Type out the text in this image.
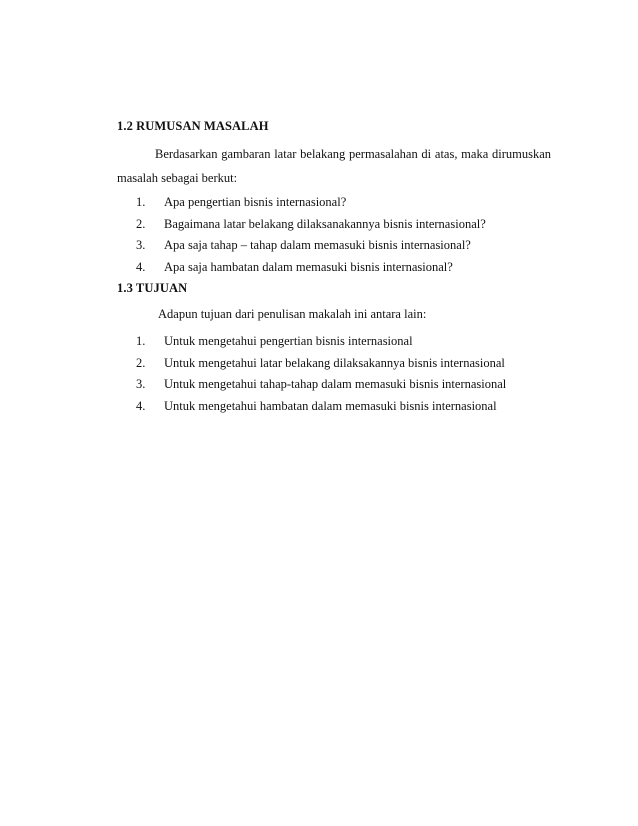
1.2 RUMUSAN MASALAH
Berdasarkan gambaran latar belakang permasalahan di atas, maka dirumuskan
masalah sebagai berkut:
1. Apa pengertian bisnis internasional?
2. Bagaimana latar belakang dilaksanakannya bisnis internasional?
3. Apa saja tahap – tahap dalam memasuki bisnis internasional?
4. Apa saja hambatan dalam memasuki bisnis internasional?
1.3 TUJUAN
Adapun tujuan dari penulisan makalah ini antara lain:
1. Untuk mengetahui pengertian bisnis internasional
2. Untuk mengetahui latar belakang dilaksakannya bisnis internasional
3. Untuk mengetahui tahap-tahap dalam memasuki bisnis internasional
4. Untuk mengetahui hambatan dalam memasuki bisnis internasional
